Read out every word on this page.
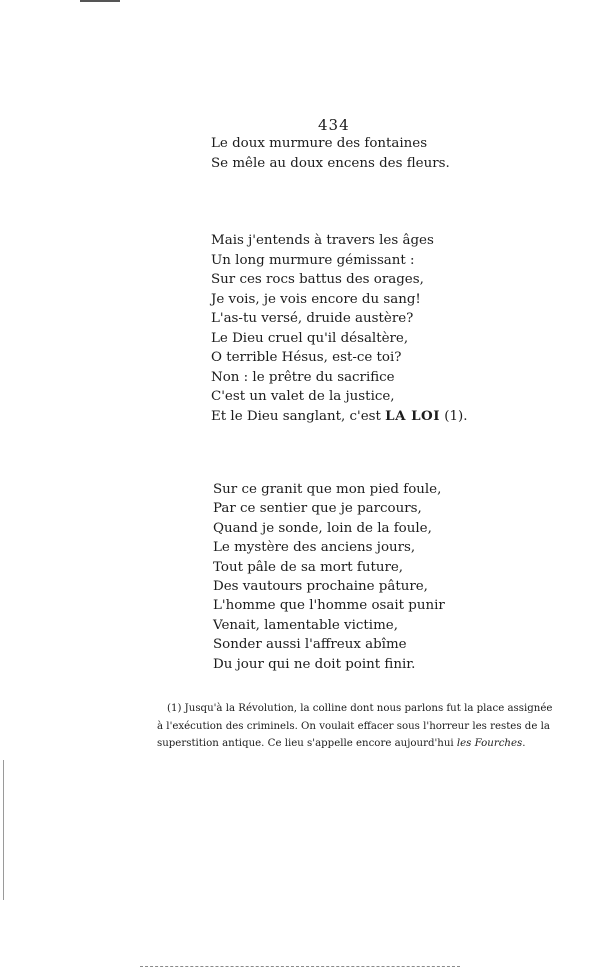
434
Le doux murmure des fontaines
Se mêle au doux encens des fleurs.
Mais j'entends à travers les âges
Un long murmure gémissant :
Sur ces rocs battus des orages,
Je vois, je vois encore du sang!
L'as-tu versé, druide austère?
Le Dieu cruel qu'il désaltère,
O terrible Hésus, est-ce toi?
Non : le prêtre du sacrifice
C'est un valet de la justice,
Et le Dieu sanglant, c'est LA LOI (1).
Sur ce granit que mon pied foule,
Par ce sentier que je parcours,
Quand je sonde, loin de la foule,
Le mystère des anciens jours,
Tout pâle de sa mort future,
Des vautours prochaine pâture,
L'homme que l'homme osait punir
Venait, lamentable victime,
Sonder aussi l'affreux abîme
Du jour qui ne doit point finir.
(1) Jusqu'à la Révolution, la colline dont nous parlons fut la place assignée
à l'exécution des criminels. On voulait effacer sous l'horreur les restes de la
superstition antique. Ce lieu s'appelle encore aujourd'hui les Fourches.
